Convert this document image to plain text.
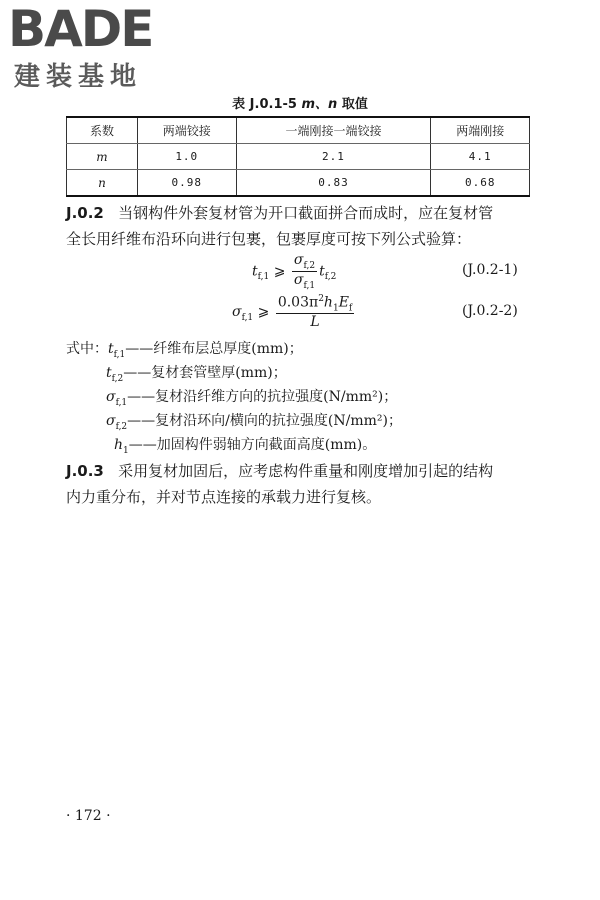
BADE
建装基地
表 J.0.1-5 m、n 取值
系数	两端铰接	一端刚接一端铰接	两端刚接
m	1.0	2.1	4.1
n	0.98	0.83	0.68
J.0.2 当钢构件外套复材管为开口截面拼合而成时，应在复材管
全长用纤维布沿环向进行包裹，包裹厚度可按下列公式验算：
$t_{f,1}$ ⩾ $\frac{\sigma_{f,2}}{\sigma_{f,1}} t_{f,2}$	(J.0.2-1)
$\sigma_{f,1}$ ⩾ $\frac{0.03\pi^2h_1E_f}{L}$	(J.0.2-2)
式中：$t_{f,1}——$纤维布层总厚度(mm)；
$t_{f,2}——$复材套管壁厚(mm)；
$\sigma_{f,1}——$复材沿纤维方向的抗拉强度(N/mm²)；
$\sigma_{f,2}——$复材沿环向/横向的抗拉强度(N/mm²)；
$h_1——$加固构件弱轴方向截面高度(mm)。
J.0.3 采用复材加固后，应考虑构件重量和刚度增加引起的结构
内力重分布，并对节点连接的承载力进行复核。
· 172 ·
